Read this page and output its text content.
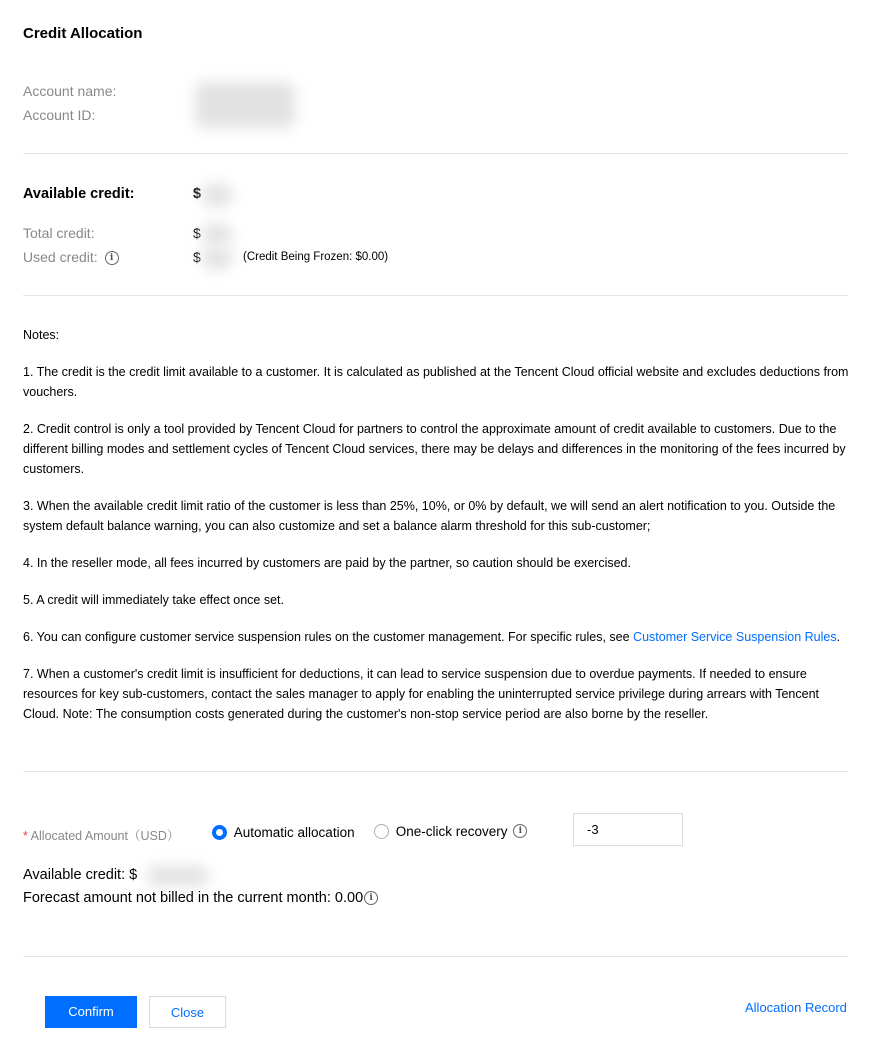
Credit Allocation
Account name:
Account ID:
Available credit:	$
Total credit:	$
Used credit: i	$	(Credit Being Frozen: $0.00)

Notes:

1. The credit is the credit limit available to a customer. It is calculated as published at the Tencent Cloud official website and excludes deductions from vouchers.

2. Credit control is only a tool provided by Tencent Cloud for partners to control the approximate amount of credit available to customers. Due to the different billing modes and settlement cycles of Tencent Cloud services, there may be delays and differences in the monitoring of the fees incurred by customers.

3. When the available credit limit ratio of the customer is less than 25%, 10%, or 0% by default, we will send an alert notification to you. Outside the system default balance warning, you can also customize and set a balance alarm threshold for this sub-customer;

4. In the reseller mode, all fees incurred by customers are paid by the partner, so caution should be exercised.

5. A credit will immediately take effect once set.

6. You can configure customer service suspension rules on the customer management. For specific rules, see Customer Service Suspension Rules.

7. When a customer's credit limit is insufficient for deductions, it can lead to service suspension due to overdue payments. If needed to ensure resources for key sub-customers, contact the sales manager to apply for enabling the uninterrupted service privilege during arrears with Tencent Cloud. Note: The consumption costs generated during the customer's non-stop service period are also borne by the reseller.

* Allocated Amount（USD）	Automatic allocation	One-click recovery i	-3
Available credit: $
Forecast amount not billed in the current month: 0.00 i
Confirm	Close	Allocation Record
